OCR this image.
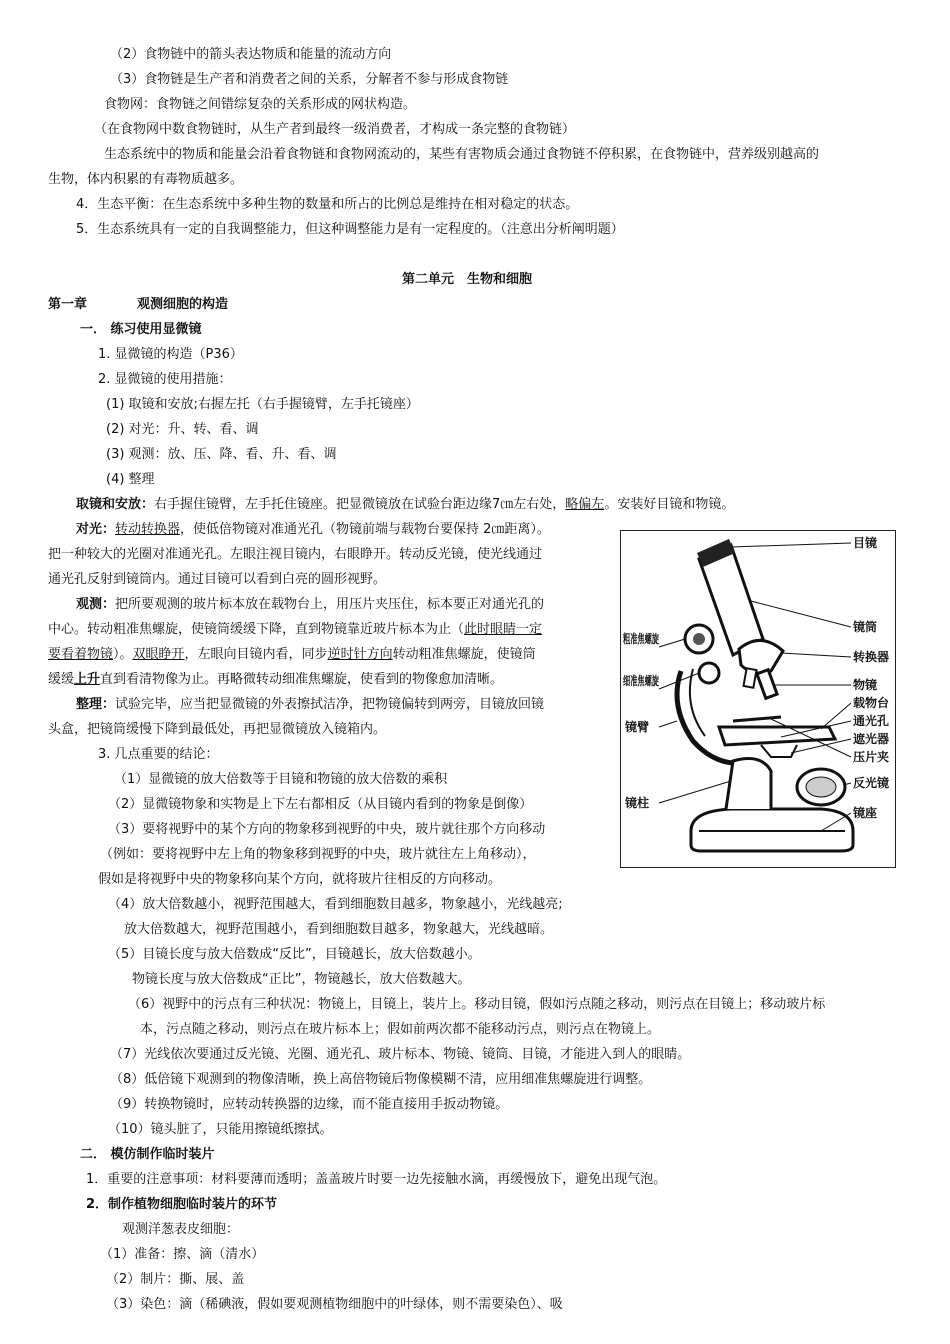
（2）食物链中的箭头表达物质和能量的流动方向
（3）食物链是生产者和消费者之间的关系，分解者不参与形成食物链
食物网：食物链之间错综复杂的关系形成的网状构造。
（在食物网中数食物链时，从生产者到最终一级消费者，才构成一条完整的食物链）
生态系统中的物质和能量会沿着食物链和食物网流动的，某些有害物质会通过食物链不停积累，在食物链中，营养级别越高的
生物，体内积累的有毒物质越多。
4．生态平衡：在生态系统中多种生物的数量和所占的比例总是维持在相对稳定的状态。
5．生态系统具有一定的自我调整能力，但这种调整能力是有一定程度的。（注意出分析阐明题）
第二单元　生物和细胞
第一章	观测细胞的构造
一． 练习使用显微镜
1. 显微镜的构造（P36）
2. 显微镜的使用措施：
(1) 取镜和安放;右握左托（右手握镜臂，左手托镜座）
(2) 对光：升、转、看、调
(3) 观测：放、压、降、看、升、看、调
(4) 整理
取镜和安放：右手握住镜臂，左手托住镜座。把显微镜放在试验台距边缘7㎝左右处，略偏左。安装好目镜和物镜。
对光：转动转换器，使低倍物镜对准通光孔（物镜前端与载物台要保持 2㎝距离）。
把一种较大的光圈对准通光孔。左眼注视目镜内，右眼睁开。转动反光镜，使光线通过
通光孔反射到镜筒内。通过目镜可以看到白亮的圆形视野。
观测：把所要观测的玻片标本放在载物台上，用压片夹压住，标本要正对通光孔的
中心。转动粗准焦螺旋，使镜筒缓缓下降，直到物镜靠近玻片标本为止（此时眼睛一定
要看着物镜）。双眼睁开，左眼向目镜内看，同步逆时针方向转动粗准焦螺旋，使镜筒
缓缓上升直到看清物像为止。再略微转动细准焦螺旋，使看到的物像愈加清晰。
整理：试验完毕，应当把显微镜的外表擦拭洁净，把物镜偏转到两旁，目镜放回镜
头盒，把镜筒缓慢下降到最低处，再把显微镜放入镜箱内。
3. 几点重要的结论：
（1）显微镜的放大倍数等于目镜和物镜的放大倍数的乘积
（2）显微镜物象和实物是上下左右都相反（从目镜内看到的物象是倒像）
（3）要将视野中的某个方向的物象移到视野的中央，玻片就往那个方向移动
（例如：要将视野中左上角的物象移到视野的中央，玻片就往左上角移动），
假如是将视野中央的物象移向某个方向，就将玻片往相反的方向移动。
（4）放大倍数越小，视野范围越大，看到细胞数目越多，物象越小，光线越亮;
放大倍数越大，视野范围越小，看到细胞数目越多，物象越大，光线越暗。
（5）目镜长度与放大倍数成“反比”，目镜越长，放大倍数越小。
物镜长度与放大倍数成“正比”，物镜越长，放大倍数越大。
（6）视野中的污点有三种状况：物镜上，目镜上，装片上。移动目镜，假如污点随之移动，则污点在目镜上；移动玻片标
本，污点随之移动，则污点在玻片标本上；假如前两次都不能移动污点，则污点在物镜上。
（7）光线依次要通过反光镜、光圈、通光孔、玻片标本、物镜、镜筒、目镜，才能进入到人的眼睛。
（8）低倍镜下观测到的物像清晰，换上高倍物镜后物像模糊不清，应用细准焦螺旋进行调整。
（9）转换物镜时，应转动转换器的边缘，而不能直接用手扳动物镜。
（10）镜头脏了，只能用擦镜纸擦拭。
二． 模仿制作临时装片
1．重要的注意事项：材料要薄而透明；盖盖玻片时要一边先接触水滴，再缓慢放下，避免出现气泡。
2．制作植物细胞临时装片的环节
观测洋葱表皮细胞：
（1）准备：擦、滴（清水）
（2）制片：撕、展、盖
（3）染色：滴（稀碘液，假如要观测植物细胞中的叶绿体，则不需要染色）、吸
目镜
镜筒
转换器
物镜
载物台
通光孔
遮光器
压片夹
反光镜
镜座
粗准焦螺旋
细准焦螺旋
镜臂
镜柱
